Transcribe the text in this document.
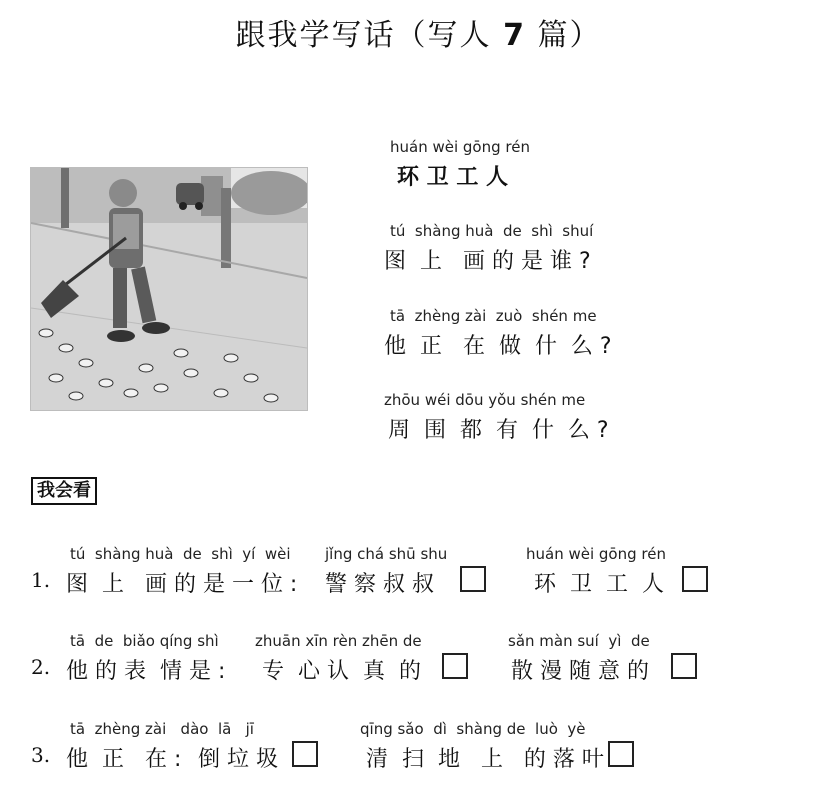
跟我学写话（写人 7 篇）
huán wèi gōng rén
环 卫 工 人
tú  shàng huà  de  shì  shuí
图  上   画 的 是 谁 ?
tā  zhèng zài  zuò  shén me
他  正   在  做  什  么 ?
zhōu wéi dōu yǒu shén me
周  围  都  有  什  么 ?
我会看
tú  shàng huà  de  shì  yí  wèi jǐng chá shū shu	huán wèi gōng rén
1. 图  上   画 的 是 一 位 : 警 察 叔 叔	环  卫  工  人
tā  de  biǎo qíng shì zhuān xīn rèn zhēn de	sǎn màn suí  yì  de
2. 他 的 表  情 是 : 专  心 认  真  的	散 漫 随 意 的
tā  zhèng zài   dào  lā   jī	qīng sǎo  dì  shàng de  luò  yè
3. 他  正   在 : 倒 垃 圾	清  扫  地   上   的 落 叶
